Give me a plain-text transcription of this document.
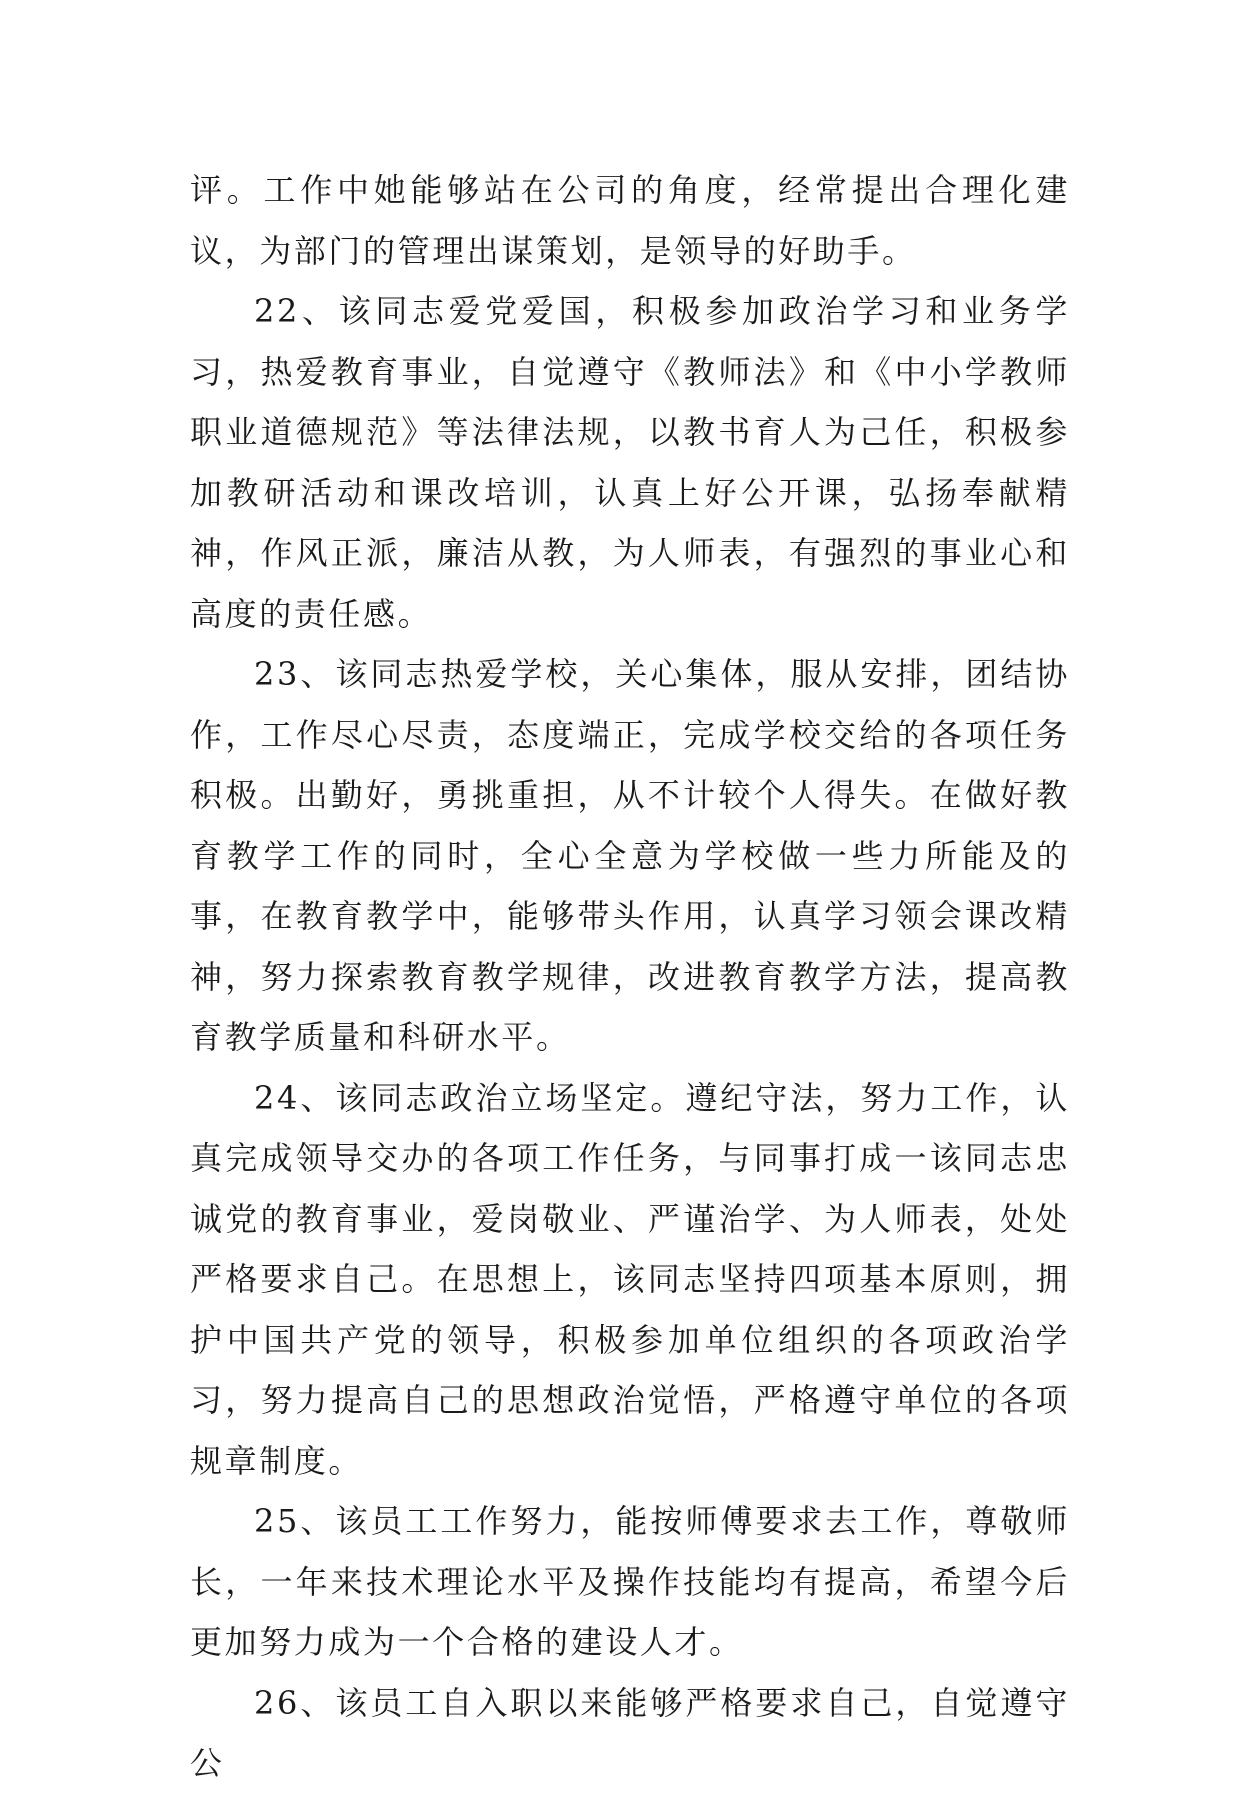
评。工作中她能够站在公司的角度，经常提出合理化建议，为部门的管理出谋策划，是领导的好助手。

22、该同志爱党爱国，积极参加政治学习和业务学习，热爱教育事业，自觉遵守《教师法》和《中小学教师职业道德规范》等法律法规，以教书育人为己任，积极参加教研活动和课改培训，认真上好公开课，弘扬奉献精神，作风正派，廉洁从教，为人师表，有强烈的事业心和高度的责任感。

23、该同志热爱学校，关心集体，服从安排，团结协作，工作尽心尽责，态度端正，完成学校交给的各项任务积极。出勤好，勇挑重担，从不计较个人得失。在做好教育教学工作的同时，全心全意为学校做一些力所能及的事，在教育教学中，能够带头作用，认真学习领会课改精神，努力探索教育教学规律，改进教育教学方法，提高教育教学质量和科研水平。

24、该同志政治立场坚定。遵纪守法，努力工作，认真完成领导交办的各项工作任务，与同事打成一该同志忠诚党的教育事业，爱岗敬业、严谨治学、为人师表，处处严格要求自己。在思想上，该同志坚持四项基本原则，拥护中国共产党的领导，积极参加单位组织的各项政治学习，努力提高自己的思想政治觉悟，严格遵守单位的各项规章制度。

25、该员工工作努力，能按师傅要求去工作，尊敬师长，一年来技术理论水平及操作技能均有提高，希望今后更加努力成为一个合格的建设人才。

26、该员工自入职以来能够严格要求自己，自觉遵守公
